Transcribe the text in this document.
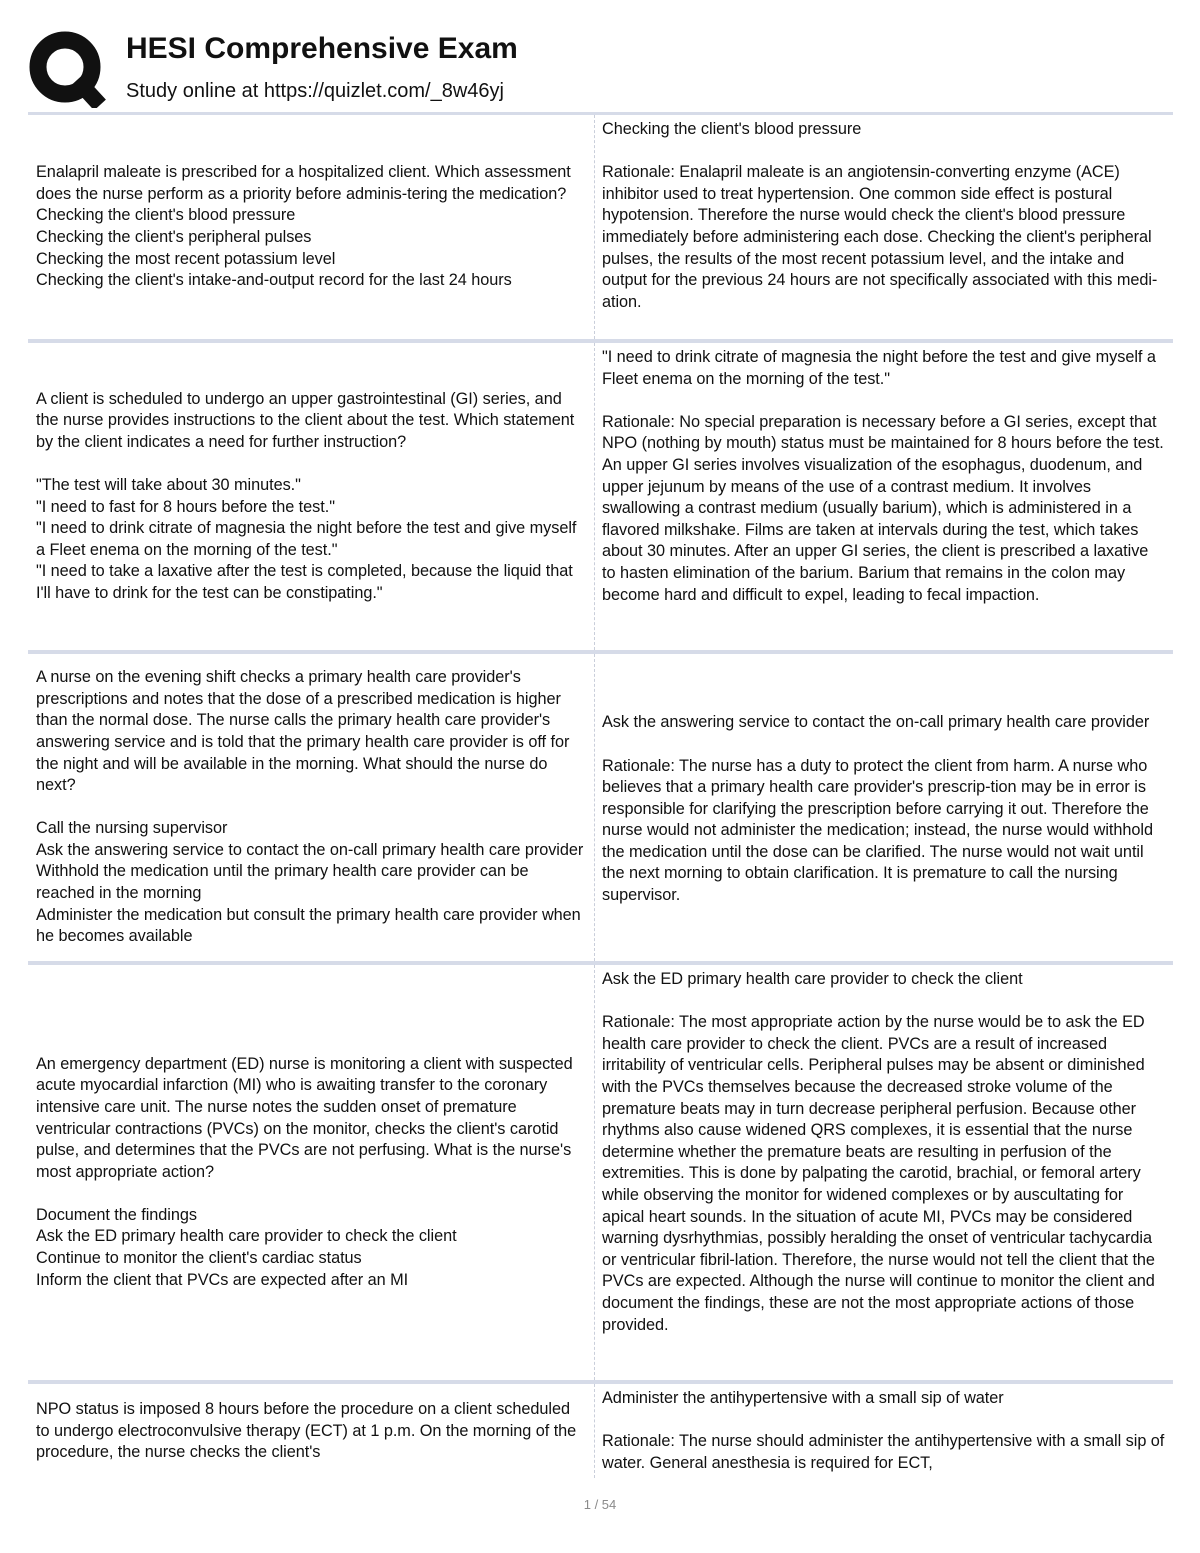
HESI Comprehensive Exam
Study online at https://quizlet.com/_8w46yj

Enalapril maleate is prescribed for a hospitalized client. Which assessment does the nurse perform as a priority before adminis-tering the medication?

Checking the client's blood pressure

Checking the client's peripheral pulses

Checking the most recent potassium level

Checking the client's intake-and-output record for the last 24 hours

Checking the client's blood pressure

Rationale: Enalapril maleate is an angiotensin-converting enzyme (ACE) inhibitor used to treat hypertension. One common side effect is postural hypotension. Therefore the nurse would check the client's blood pressure immediately before administering each dose. Checking the client's peripheral pulses, the results of the most recent potassium level, and the intake and output for the previous 24 hours are not specifically associated with this medi-ation.

A client is scheduled to undergo an upper gastrointestinal (GI) series, and the nurse provides instructions to the client about the test. Which statement by the client indicates a need for further instruction?

"The test will take about 30 minutes."

"I need to fast for 8 hours before the test."

"I need to drink citrate of magnesia the night before the test and give myself a Fleet enema on the morning of the test."

"I need to take a laxative after the test is completed, because the liquid that I'll have to drink for the test can be constipating."

"I need to drink citrate of magnesia the night before the test and give myself a Fleet enema on the morning of the test."

Rationale: No special preparation is necessary before a GI series, except that NPO (nothing by mouth) status must be maintained for 8 hours before the test. An upper GI series involves visualization of the esophagus, duodenum, and upper jejunum by means of the use of a contrast medium. It involves swallowing a contrast medium (usually barium), which is administered in a flavored milkshake. Films are taken at intervals during the test, which takes about 30 minutes. After an upper GI series, the client is prescribed a laxative to hasten elimination of the barium. Barium that remains in the colon may become hard and difficult to expel, leading to fecal impaction.

A nurse on the evening shift checks a primary health care provider's prescriptions and notes that the dose of a prescribed medication is higher than the normal dose. The nurse calls the primary health care provider's answering service and is told that the primary health care provider is off for the night and will be available in the morning. What should the nurse do next?

Call the nursing supervisor

Ask the answering service to contact the on-call primary health care provider

Withhold the medication until the primary health care provider can be reached in the morning

Administer the medication but consult the primary health care provider when he becomes available

Ask the answering service to contact the on-call primary health care provider

Rationale: The nurse has a duty to protect the client from harm. A nurse who believes that a primary health care provider's prescrip-tion may be in error is responsible for clarifying the prescription before carrying it out. Therefore the nurse would not administer the medication; instead, the nurse would withhold the medication until the dose can be clarified. The nurse would not wait until the next morning to obtain clarification. It is premature to call the nursing supervisor.

An emergency department (ED) nurse is monitoring a client with suspected acute myocardial infarction (MI) who is awaiting transfer to the coronary intensive care unit. The nurse notes the sudden onset of premature ventricular contractions (PVCs) on the monitor, checks the client's carotid pulse, and determines that the PVCs are not perfusing. What is the nurse's most appropriate action?

Document the findings

Ask the ED primary health care provider to check the client

Continue to monitor the client's cardiac status

Inform the client that PVCs are expected after an MI

Ask the ED primary health care provider to check the client

Rationale: The most appropriate action by the nurse would be to ask the ED health care provider to check the client. PVCs are a result of increased irritability of ventricular cells. Peripheral pulses may be absent or diminished with the PVCs themselves because the decreased stroke volume of the premature beats may in turn decrease peripheral perfusion. Because other rhythms also cause widened QRS complexes, it is essential that the nurse determine whether the premature beats are resulting in perfusion of the extremities. This is done by palpating the carotid, brachial, or femoral artery while observing the monitor for widened complexes or by auscultating for apical heart sounds. In the situation of acute MI, PVCs may be considered warning dysrhythmias, possibly heralding the onset of ventricular tachycardia or ventricular fibril-lation. Therefore, the nurse would not tell the client that the PVCs are expected. Although the nurse will continue to monitor the client and document the findings, these are not the most appropriate actions of those provided.

NPO status is imposed 8 hours before the procedure on a client scheduled to undergo electroconvulsive therapy (ECT) at 1 p.m. On the morning of the procedure, the nurse checks the client's

Administer the antihypertensive with a small sip of water

Rationale: The nurse should administer the antihypertensive with a small sip of water. General anesthesia is required for ECT,

1 / 54
